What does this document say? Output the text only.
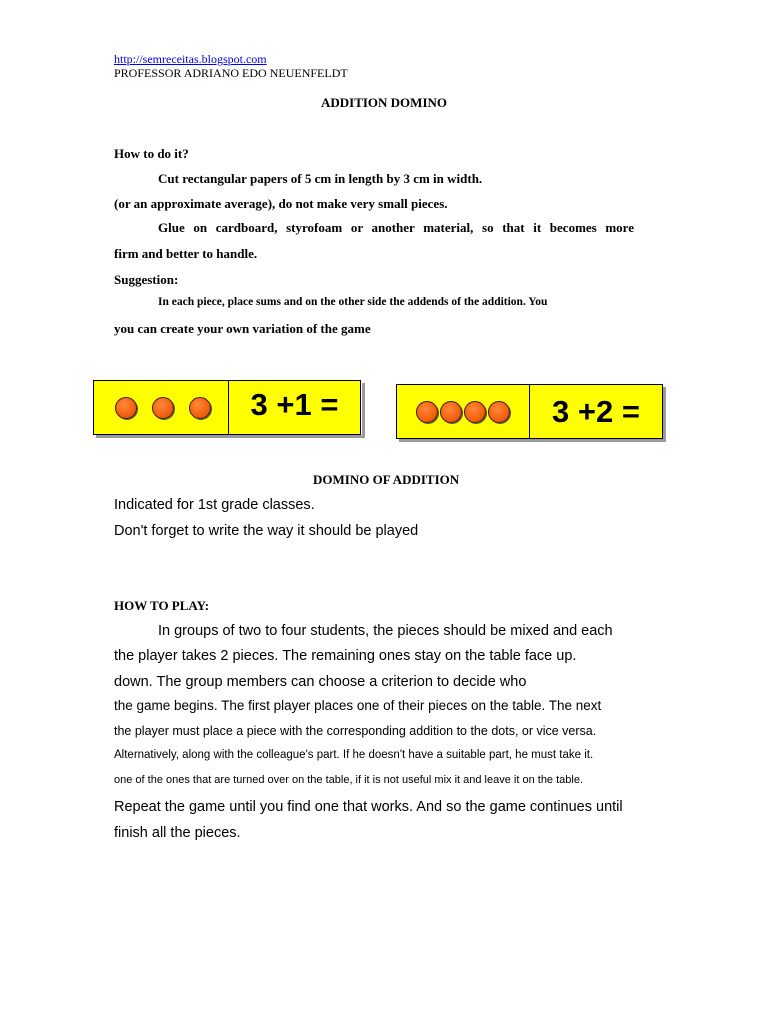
http://semreceitas.blogspot.com
PROFESSOR ADRIANO EDO NEUENFELDT
ADDITION DOMINO
How to do it?
Cut rectangular papers of 5 cm in length by 3 cm in width.
(or an approximate average), do not make very small pieces.
Glue on cardboard, styrofoam or another material, so that it becomes more
firm and better to handle.
Suggestion:
In each piece, place sums and on the other side the addends of the addition. You
you can create your own variation of the game
3 +1 =	3 +2 =
DOMINO OF ADDITION
Indicated for 1st grade classes.
Don't forget to write the way it should be played
HOW TO PLAY:
In groups of two to four students, the pieces should be mixed and each
the player takes 2 pieces. The remaining ones stay on the table face up.
down. The group members can choose a criterion to decide who
the game begins. The first player places one of their pieces on the table. The next
the player must place a piece with the corresponding addition to the dots, or vice versa.
Alternatively, along with the colleague's part. If he doesn't have a suitable part, he must take it.
one of the ones that are turned over on the table, if it is not useful mix it and leave it on the table.
Repeat the game until you find one that works. And so the game continues until
finish all the pieces.
